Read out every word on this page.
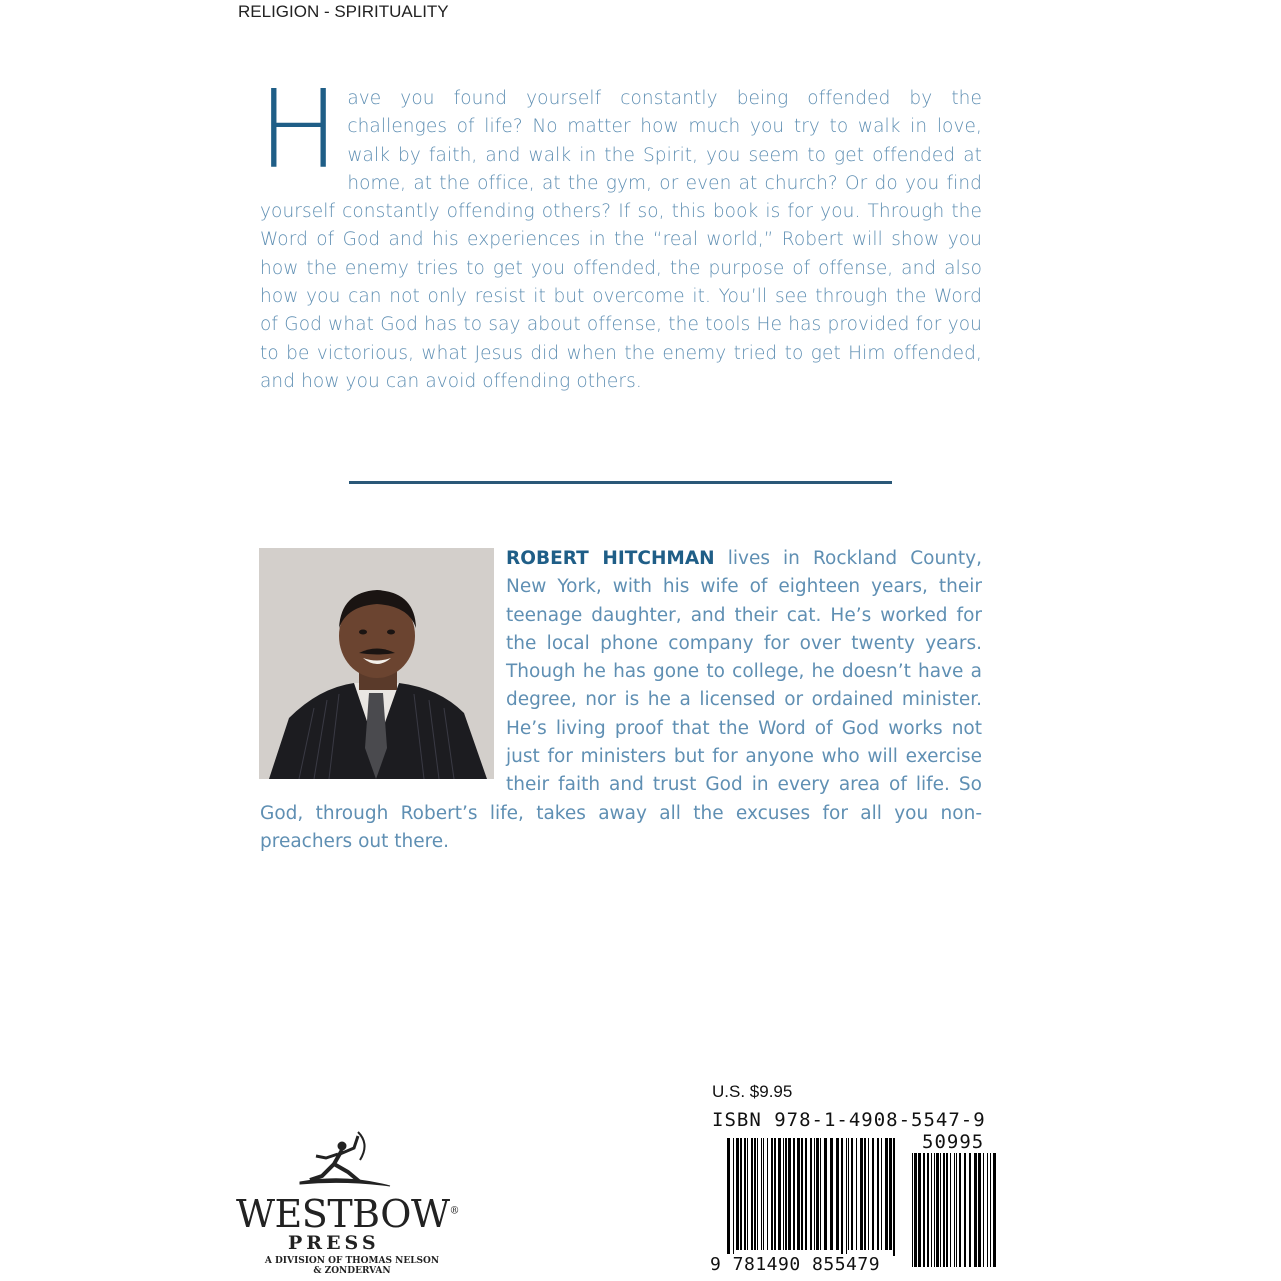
RELIGION - SPIRITUALITY
Have you found yourself constantly being offended by the challenges of life? No matter how much you try to walk in love, walk by faith, and walk in the Spirit, you seem to get offended at home, at the office, at the gym, or even at church? Or do you find yourself constantly offending others? If so, this book is for you. Through the Word of God and his experiences in the “real world,” Robert will show you how the enemy tries to get you offended, the purpose of offense, and also how you can not only resist it but overcome it. You’ll see through the Word of God what God has to say about offense, the tools He has provided for you to be victorious, what Jesus did when the enemy tried to get Him offended, and how you can avoid offending others.
ROBERT HITCHMAN lives in Rockland County, New York, with his wife of eighteen years, their teenage daughter, and their cat. He’s worked for the local phone company for over twenty years. Though he has gone to college, he doesn’t have a degree, nor is he a licensed or ordained minister. He’s living proof that the Word of God works not just for ministers but for anyone who will exercise their faith and trust God in every area of life. So God, through Robert’s life, takes away all the excuses for all you non-preachers out there.
U.S. $9.95
ISBN 978-1-4908-5547-9
50995
9 781490 855479
WESTBOW®
PRESS
A DIVISION OF THOMAS NELSON
& ZONDERVAN
